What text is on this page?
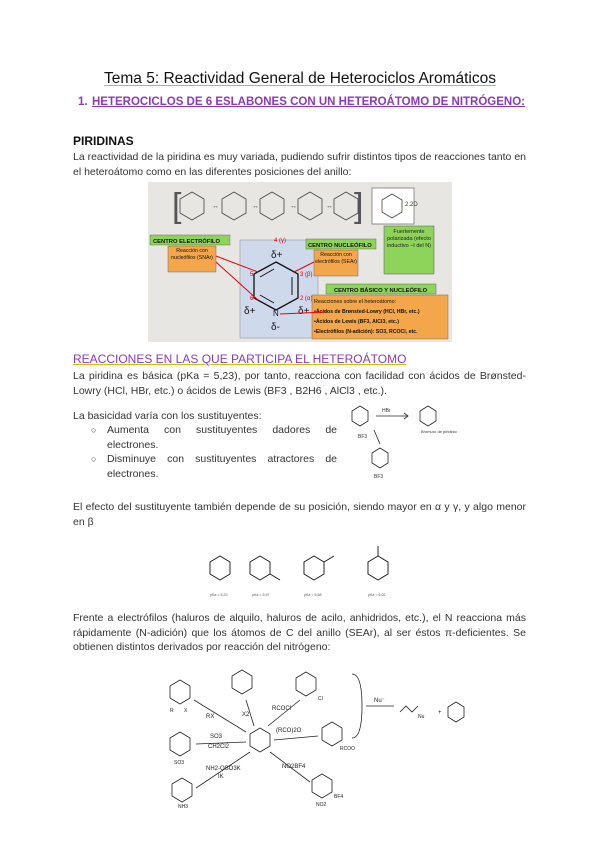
Tema 5: Reactividad General de Heterociclos Aromáticos
1. HETEROCICLOS DE 6 ESLABONES CON UN HETEROÁTOMO DE NITRÓGENO:
PIRIDINAS
La reactividad de la piridina es muy variada, pudiendo sufrir distintos tipos de reacciones tanto en el heteroátomo como en las diferentes posiciones del anillo:
[	]
↔	↔	↔	↔	2.2D
Fuertemente polarizada (efecto inductivo –I del N)
N
4 (γ)
δ+
3 (β)
5
2 (α)
6
δ+	δ+
δ-
CENTRO ELECTRÓFILO
Reacción con nucleófilos (SNAr)
CENTRO NUCLEÓFILO
Reacción con electrófilos (SEAr)
CENTRO BÁSICO Y NUCLEÓFILO
Reacciones sobre el heteroátomo:
•Ácidos de Brønsted-Lowry (HCl, HBr, etc.)
•Ácidos de Lewis (BF3, AlCl3, etc.)
•Electrófilos (N-adición): SO3, RCOCl, etc.
REACCIONES EN LAS QUE PARTICIPA EL HETEROÁTOMO
La piridina es básica (pKa = 5,23), por tanto, reacciona con facilidad con ácidos de Brønsted-Lowry (HCl, HBr, etc.) o ácidos de Lewis (BF3 , B2H6 , AlCl3 , etc.).
La basicidad varía con los sustituyentes:
○ Aumenta con sustituyentes dadores de electrones.
○ Disminuye con sustituyentes atractores de electrones.
HBr
Bromuro de piridinio
BF3
BF3
El efecto del sustituyente también depende de su posición, siendo mayor en α y γ, y algo menor en β
pKa = 5,23	pKa = 5,97	pKa = 5,68	pKa = 6,02
Frente a electrófilos (haluros de alquilo, haluros de acilo, anhidridos, etc.), el N reacciona más rápidamente (N-adición) que los átomos de C del anillo (SEAr), al ser éstos π-deficientes. Se obtienen distintos derivados por reacción del nitrógeno:
RX
SO3
CH2Cl2
RCOCl
(RCO)2O
X2
NH2-OSO3K
IK
NO2BF4
Nu⁻
+
NH3	NO2
BF4
Cl
RCOO
R
Nu
X
SO3
